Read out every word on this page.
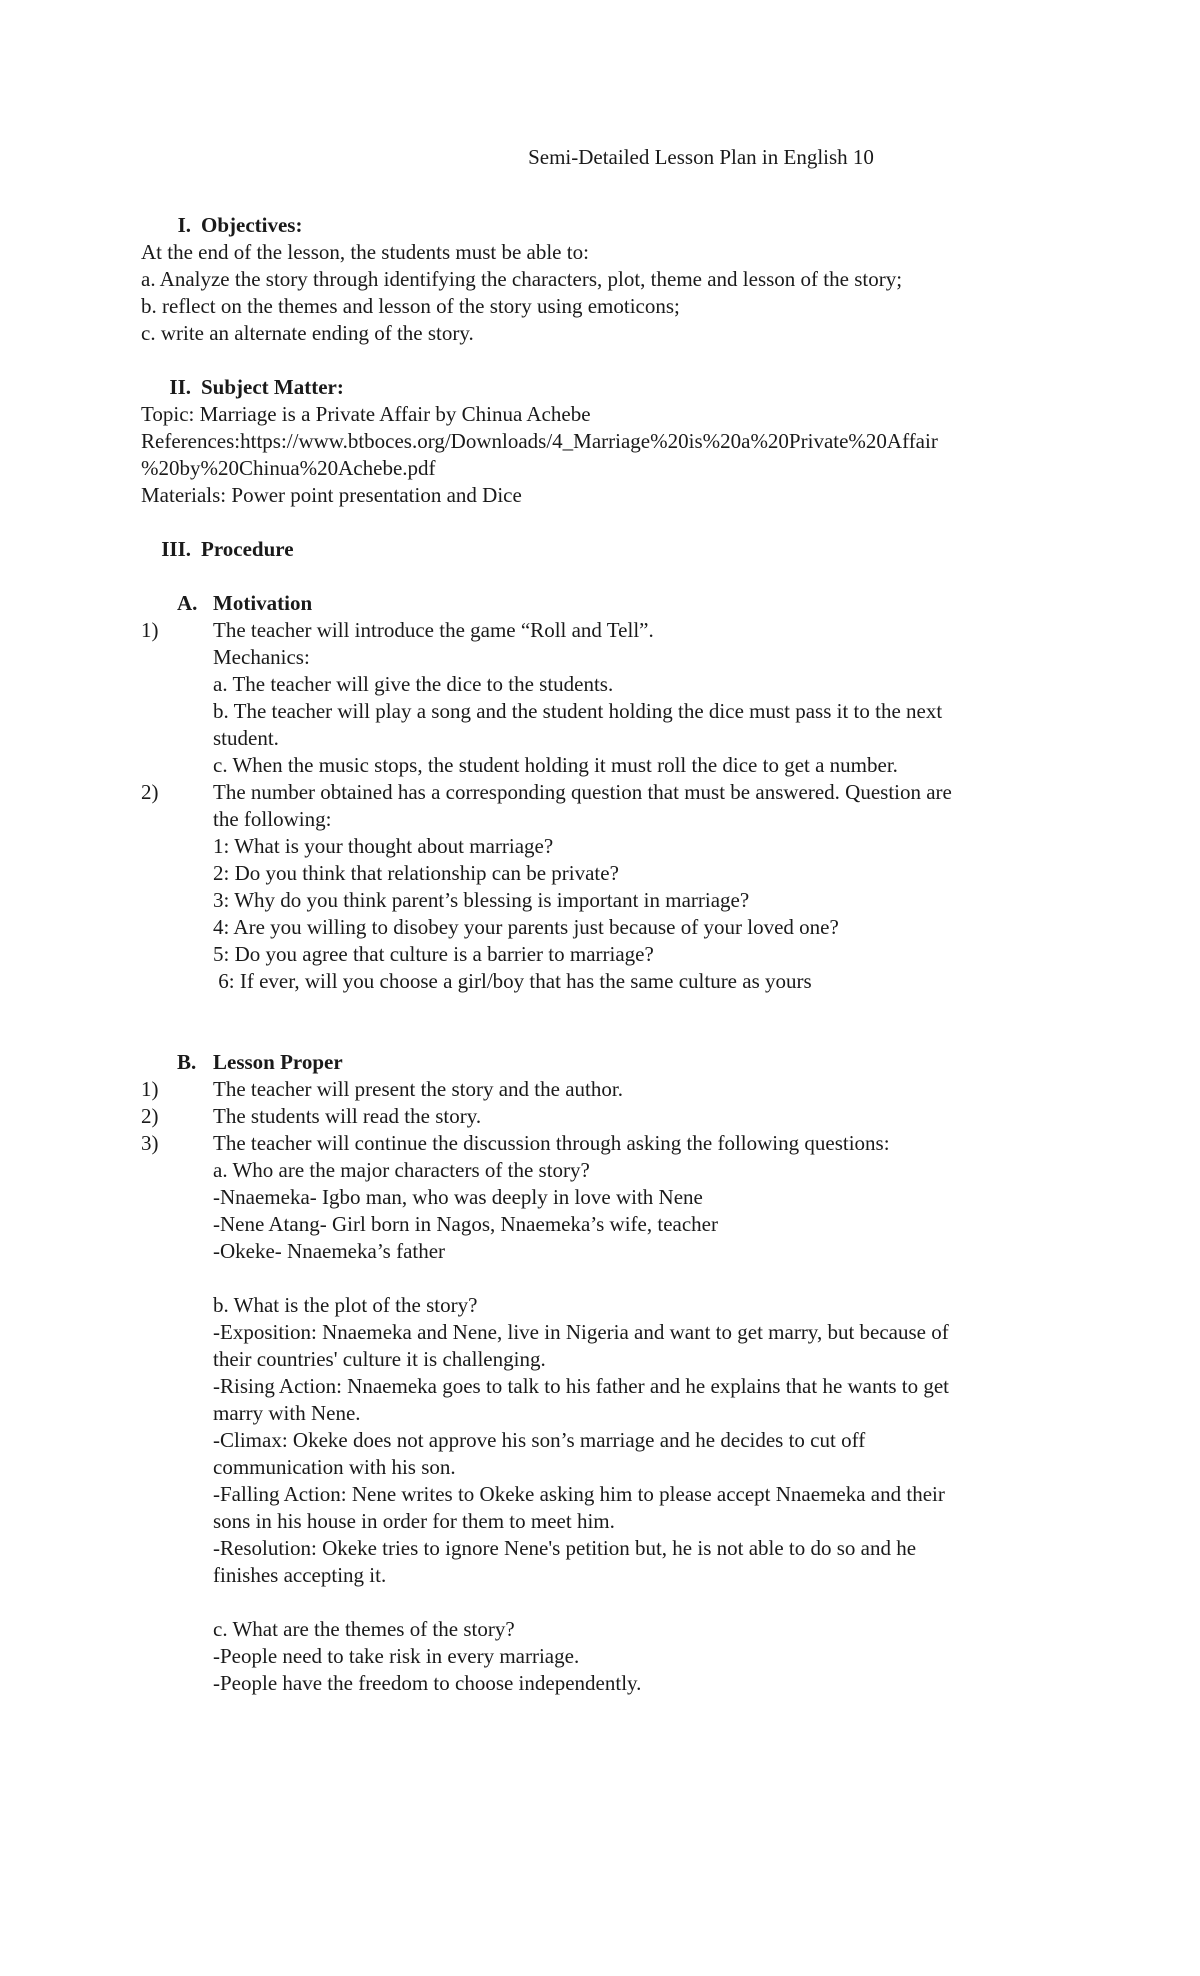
Semi-Detailed Lesson Plan in English 10

I. Objectives:

At the end of the lesson, the students must be able to:

a. Analyze the story through identifying the characters, plot, theme and lesson of the story;

b. reflect on the themes and lesson of the story using emoticons;

c. write an alternate ending of the story.

II. Subject Matter:

Topic: Marriage is a Private Affair by Chinua Achebe

References:https://www.btboces.org/Downloads/4_Marriage%20is%20a%20Private%20Affair

%20by%20Chinua%20Achebe.pdf

Materials: Power point presentation and Dice

III. Procedure
A. Motivation
1)	The teacher will introduce the game “Roll and Tell”.

Mechanics:

a. The teacher will give the dice to the students.

b. The teacher will play a song and the student holding the dice must pass it to the next

student.

c. When the music stops, the student holding it must roll the dice to get a number.

2)	The number obtained has a corresponding question that must be answered. Question are

the following:

1: What is your thought about marriage?

2: Do you think that relationship can be private?

3: Why do you think parent’s blessing is important in marriage?

4: Are you willing to disobey your parents just because of your loved one?

5: Do you agree that culture is a barrier to marriage?

6: If ever, will you choose a girl/boy that has the same culture as yours

B. Lesson Proper
1)	The teacher will present the story and the author.
2)	The students will read the story.
3)	The teacher will continue the discussion through asking the following questions:

a. Who are the major characters of the story?

-Nnaemeka- Igbo man, who was deeply in love with Nene

-Nene Atang- Girl born in Nagos, Nnaemeka’s wife, teacher

-Okeke- Nnaemeka’s father

b. What is the plot of the story?

-Exposition: Nnaemeka and Nene, live in Nigeria and want to get marry, but because of

their countries' culture it is challenging.

-Rising Action: Nnaemeka goes to talk to his father and he explains that he wants to get

marry with Nene.

-Climax: Okeke does not approve his son’s marriage and he decides to cut off

communication with his son.

-Falling Action: Nene writes to Okeke asking him to please accept Nnaemeka and their

sons in his house in order for them to meet him.

-Resolution: Okeke tries to ignore Nene's petition but, he is not able to do so and he

finishes accepting it.

c. What are the themes of the story?

-People need to take risk in every marriage.

-People have the freedom to choose independently.
